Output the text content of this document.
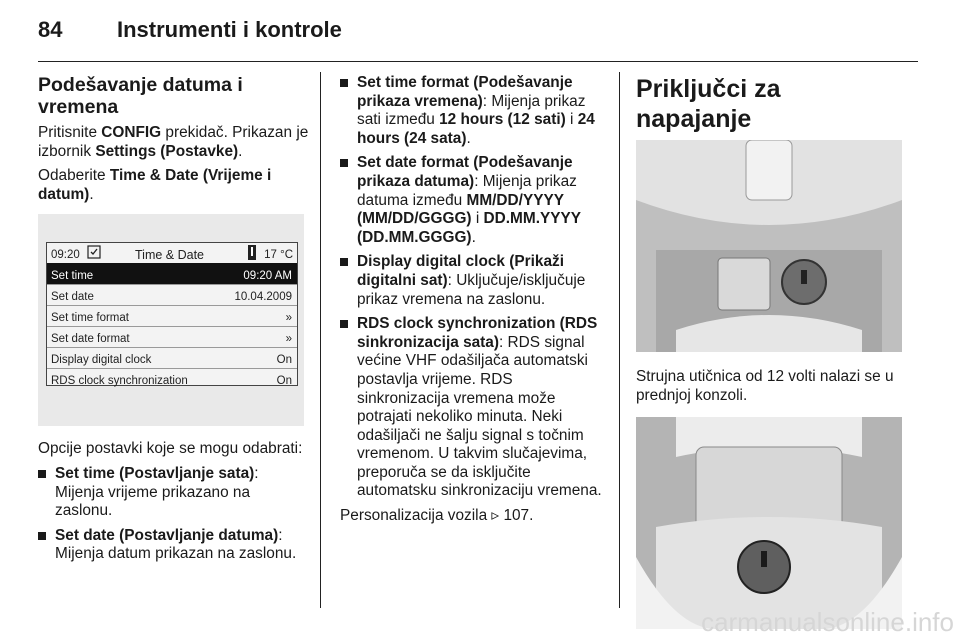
84 Instrumenti i kontrole

Podešavanje datuma i vremena

Pritisnite CONFIG prekidač. Prikazan je izbornik Settings (Postavke).

Odaberite Time & Date (Vrijeme i datum).

09:20	Time & Date	17 °C
Set time	09:20 AM
Set date	10.04.2009
Set time format	»
Set date format	»
Display digital clock	On
RDS clock synchronization	On

Opcije postavki koje se mogu odabrati:

Set time (Postavljanje sata): Mijenja vrijeme prikazano na zaslonu.
Set date (Postavljanje datuma): Mijenja datum prikazan na zaslonu.
Set time format (Podešavanje prikaza vremena): Mijenja prikaz sati između 12 hours (12 sati) i 24 hours (24 sata).
Set date format (Podešavanje prikaza datuma): Mijenja prikaz datuma između MM/DD/YYYY (MM/DD/GGGG) i DD.MM.YYYY (DD.MM.GGGG).
Display digital clock (Prikaži digitalni sat): Uključuje/isključuje prikaz vremena na zaslonu.
RDS clock synchronization (RDS sinkronizacija sata): RDS signal većine VHF odašiljača automatski postavlja vrijeme. RDS sinkronizacija vremena može potrajati nekoliko minuta. Neki odašiljači ne šalju signal s točnim vremenom. U takvim slučajevima, preporuča se da isključite automatsku sinkronizaciju vremena.

Personalizacija vozila ▹ 107.

Priključci za napajanje

Strujna utičnica od 12 volti nalazi se u prednjoj konzoli.

carmanualsonline.info
